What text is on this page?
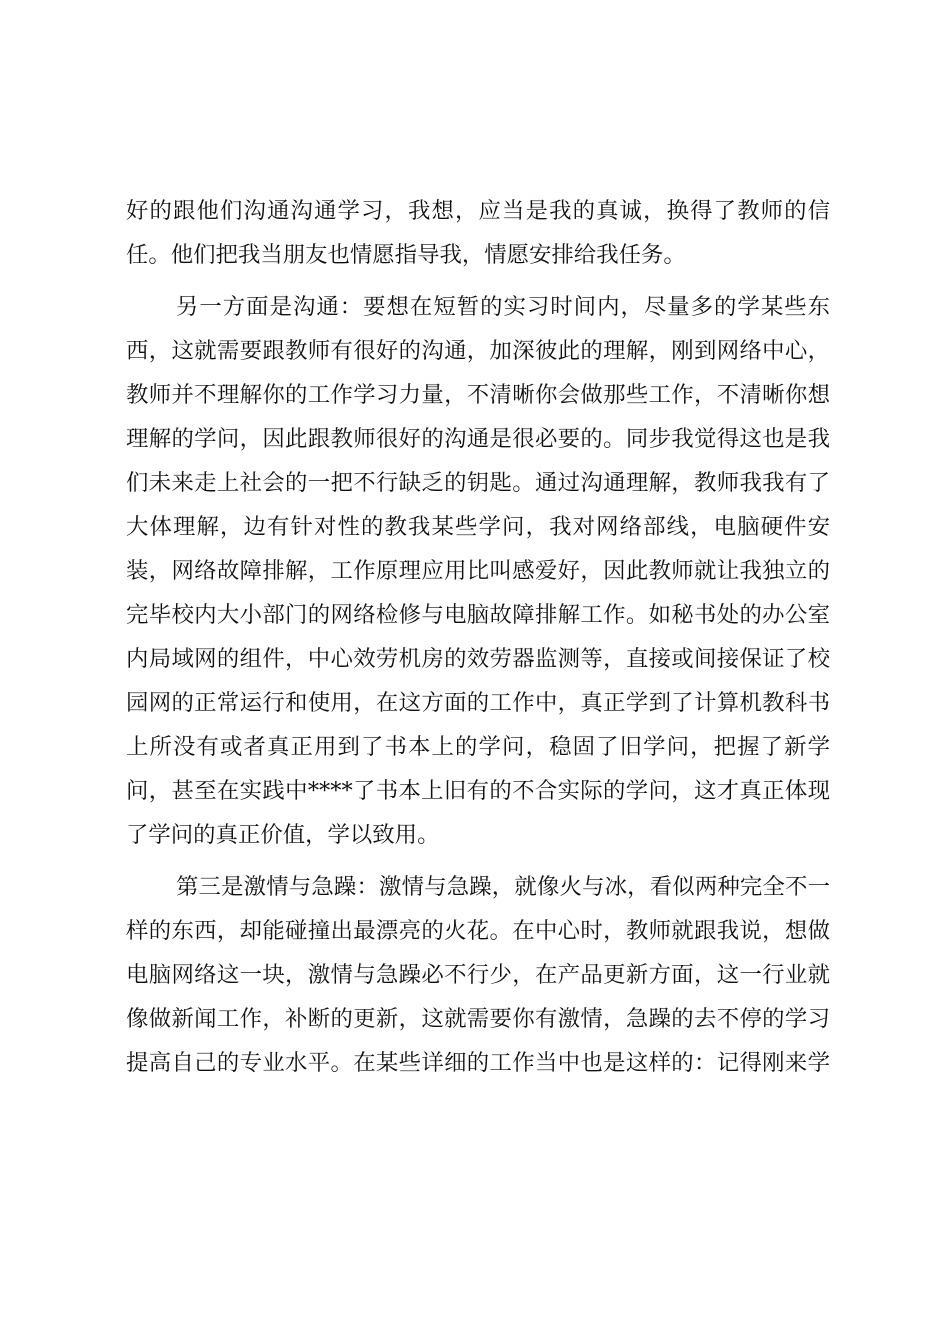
好的跟他们沟通沟通学习，我想，应当是我的真诚，换得了教师的信
任。他们把我当朋友也情愿指导我，情愿安排给我任务。
另一方面是沟通：要想在短暂的实习时间内，尽量多的学某些东
西，这就需要跟教师有很好的沟通，加深彼此的理解，刚到网络中心，
教师并不理解你的工作学习力量，不清晰你会做那些工作，不清晰你想
理解的学问，因此跟教师很好的沟通是很必要的。同步我觉得这也是我
们未来走上社会的一把不行缺乏的钥匙。通过沟通理解，教师我我有了
大体理解，边有针对性的教我某些学问，我对网络部线，电脑硬件安
装，网络故障排解，工作原理应用比叫感爱好，因此教师就让我独立的
完毕校内大小部门的网络检修与电脑故障排解工作。如秘书处的办公室
内局域网的组件，中心效劳机房的效劳器监测等，直接或间接保证了校
园网的正常运行和使用，在这方面的工作中，真正学到了计算机教科书
上所没有或者真正用到了书本上的学问，稳固了旧学问，把握了新学
问，甚至在实践中****了书本上旧有的不合实际的学问，这才真正体现
了学问的真正价值，学以致用。
第三是激情与急躁：激情与急躁，就像火与冰，看似两种完全不一
样的东西，却能碰撞出最漂亮的火花。在中心时，教师就跟我说，想做
电脑网络这一块，激情与急躁必不行少，在产品更新方面，这一行业就
像做新闻工作，补断的更新，这就需要你有激情，急躁的去不停的学习
提高自己的专业水平。在某些详细的工作当中也是这样的：记得刚来学
